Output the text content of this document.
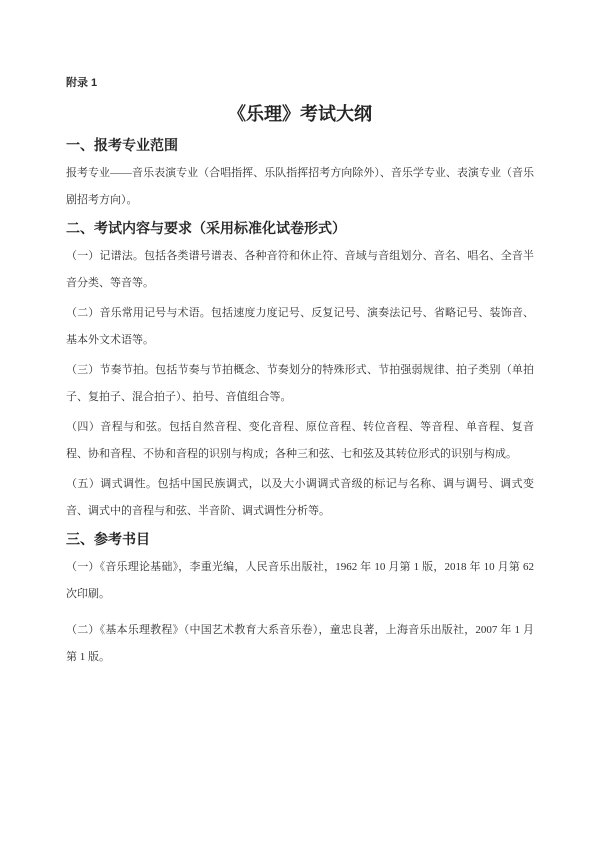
附录 1
《乐理》考试大纲
一、报考专业范围

报考专业——音乐表演专业（合唱指挥、乐队指挥招考方向除外）、音乐学专业、表演专业（音乐剧招考方向）。

二、考试内容与要求（采用标准化试卷形式）

（一）记谱法。包括各类谱号谱表、各种音符和休止符、音域与音组划分、音名、唱名、全音半音分类、等音等。

（二）音乐常用记号与术语。包括速度力度记号、反复记号、演奏法记号、省略记号、装饰音、基本外文术语等。

（三）节奏节拍。包括节奏与节拍概念、节奏划分的特殊形式、节拍强弱规律、拍子类别（单拍子、复拍子、混合拍子）、拍号、音值组合等。

（四）音程与和弦。包括自然音程、变化音程、原位音程、转位音程、等音程、单音程、复音程、协和音程、不协和音程的识别与构成；各种三和弦、七和弦及其转位形式的识别与构成。

（五）调式调性。包括中国民族调式，以及大小调调式音级的标记与名称、调与调号、调式变音、调式中的音程与和弦、半音阶、调式调性分析等。

三、参考书目

（一）《音乐理论基础》，李重光编，人民音乐出版社，1962 年 10 月第 1 版，2018 年 10 月第 62 次印刷。

（二）《基本乐理教程》（中国艺术教育大系音乐卷），童忠良著，上海音乐出版社，2007 年 1 月第 1 版。
